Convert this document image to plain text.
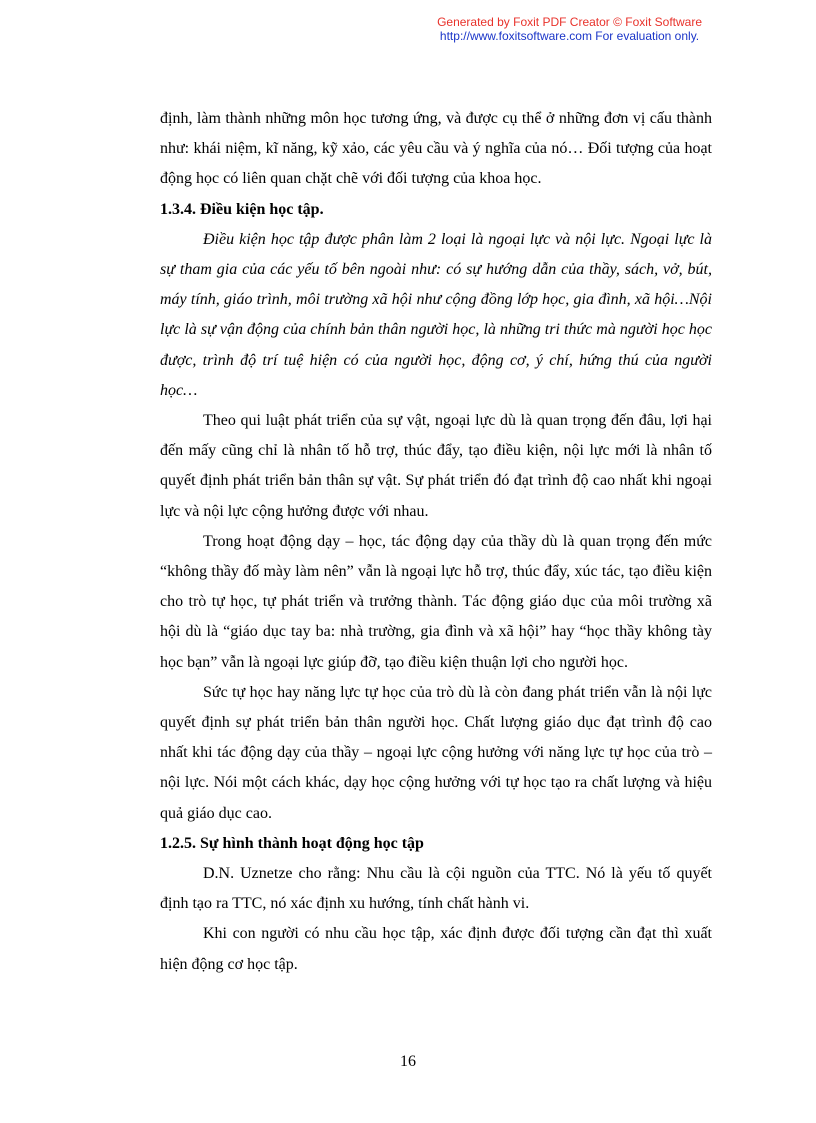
Generated by Foxit PDF Creator © Foxit Software
http://www.foxitsoftware.com For evaluation only.

định, làm thành những môn học tương ứng, và được cụ thể ở những đơn vị cấu thành như: khái niệm, kĩ năng, kỹ xảo, các yêu cầu và ý nghĩa của nó… Đối tượng của hoạt động học có liên quan chặt chẽ với đối tượng của khoa học.

1.3.4. Điều kiện học tập.

Điều kiện học tập được phân làm 2 loại là ngoại lực và nội lực. Ngoại lực là sự tham gia của các yếu tố bên ngoài như: có sự hướng dẫn của thầy, sách, vở, bút, máy tính, giáo trình, môi trường xã hội như cộng đồng lớp học, gia đình, xã hội…Nội lực là sự vận động của chính bản thân người học, là những tri thức mà người học học được, trình độ trí tuệ hiện có của người học, động cơ, ý chí, hứng thú của người học…

Theo qui luật phát triển của sự vật, ngoại lực dù là quan trọng đến đâu, lợi hại đến mấy cũng chỉ là nhân tố hỗ trợ, thúc đẩy, tạo điều kiện, nội lực mới là nhân tố quyết định phát triển bản thân sự vật. Sự phát triển đó đạt trình độ cao nhất khi ngoại lực và nội lực cộng hưởng được với nhau.

Trong hoạt động dạy – học, tác động dạy của thầy dù là quan trọng đến mức “không thầy đố mày làm nên” vẫn là ngoại lực hỗ trợ, thúc đẩy, xúc tác, tạo điều kiện cho trò tự học, tự phát triển và trưởng thành. Tác động giáo dục của môi trường xã hội dù là “giáo dục tay ba: nhà trường, gia đình và xã hội” hay “học thầy không tày học bạn” vẫn là ngoại lực giúp đỡ, tạo điều kiện thuận lợi cho người học.

Sức tự học hay năng lực tự học của trò dù là còn đang phát triển vẫn là nội lực quyết định sự phát triển bản thân người học. Chất lượng giáo dục đạt trình độ cao nhất khi tác động dạy của thầy – ngoại lực cộng hưởng với năng lực tự học của trò – nội lực. Nói một cách khác, dạy học cộng hưởng với tự học tạo ra chất lượng và hiệu quả giáo dục cao.

1.2.5. Sự hình thành hoạt động học tập

D.N. Uznetze cho rằng: Nhu cầu là cội nguồn của TTC. Nó là yếu tố quyết định tạo ra TTC, nó xác định xu hướng, tính chất hành vi.

Khi con người có nhu cầu học tập, xác định được đối tượng cần đạt thì xuất hiện động cơ học tập.

16
